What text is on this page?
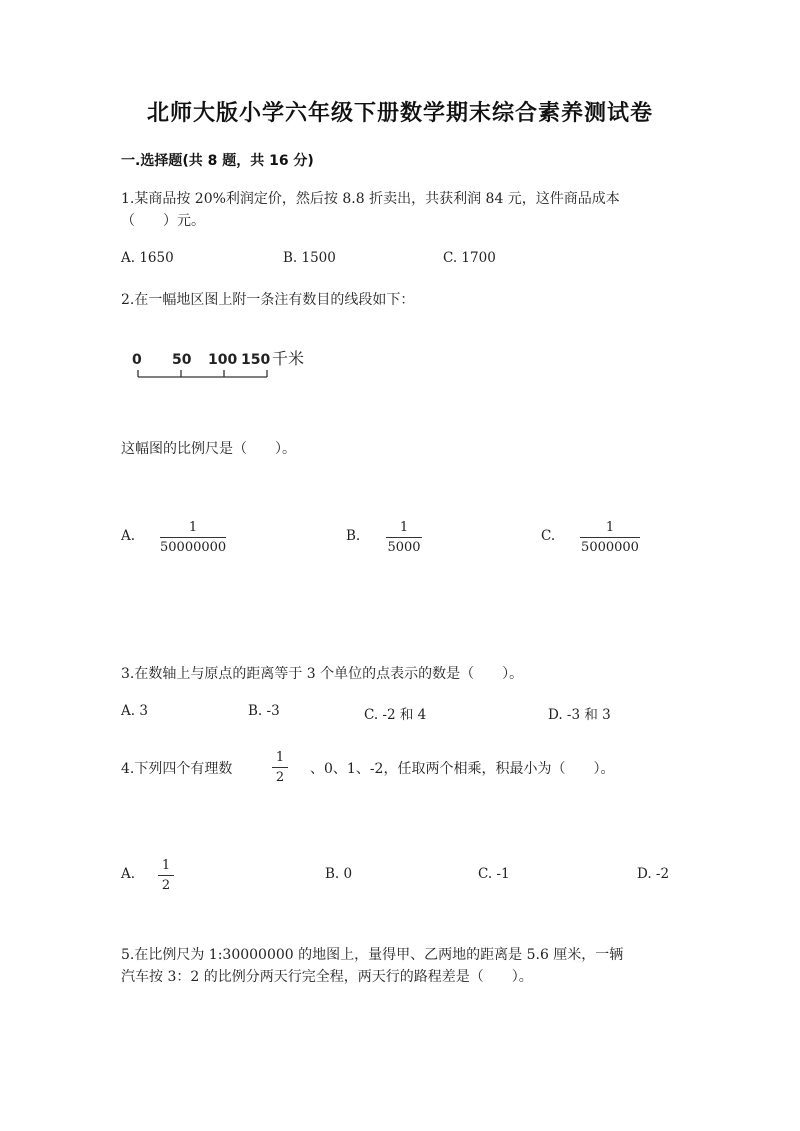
北师大版小学六年级下册数学期末综合素养测试卷
一.选择题(共 8 题，共 16 分)
1.某商品按 20%利润定价，然后按 8.8 折卖出，共获利润 84 元，这件商品成本
（　　）元。
A. 1650	B. 1500	C. 1700
2.在一幅地区图上附一条注有数目的线段如下：
0 50 100 150 千米
这幅图的比例尺是（　　）。
A.
1
50000000
B.
1
5000
C.
1
5000000
3.在数轴上与原点的距离等于 3 个单位的点表示的数是（　　）。
A. 3	B. -3	C. -2 和 4	D. -3 和 3
4.下列四个有理数
1
2
、0、1、-2，任取两个相乘，积最小为（　　）。
A.
1
2
B. 0	C. -1	D. -2
5.在比例尺为 1:30000000 的地图上，量得甲、乙两地的距离是 5.6 厘米，一辆
汽车按 3：2 的比例分两天行完全程，两天行的路程差是（　　）。
